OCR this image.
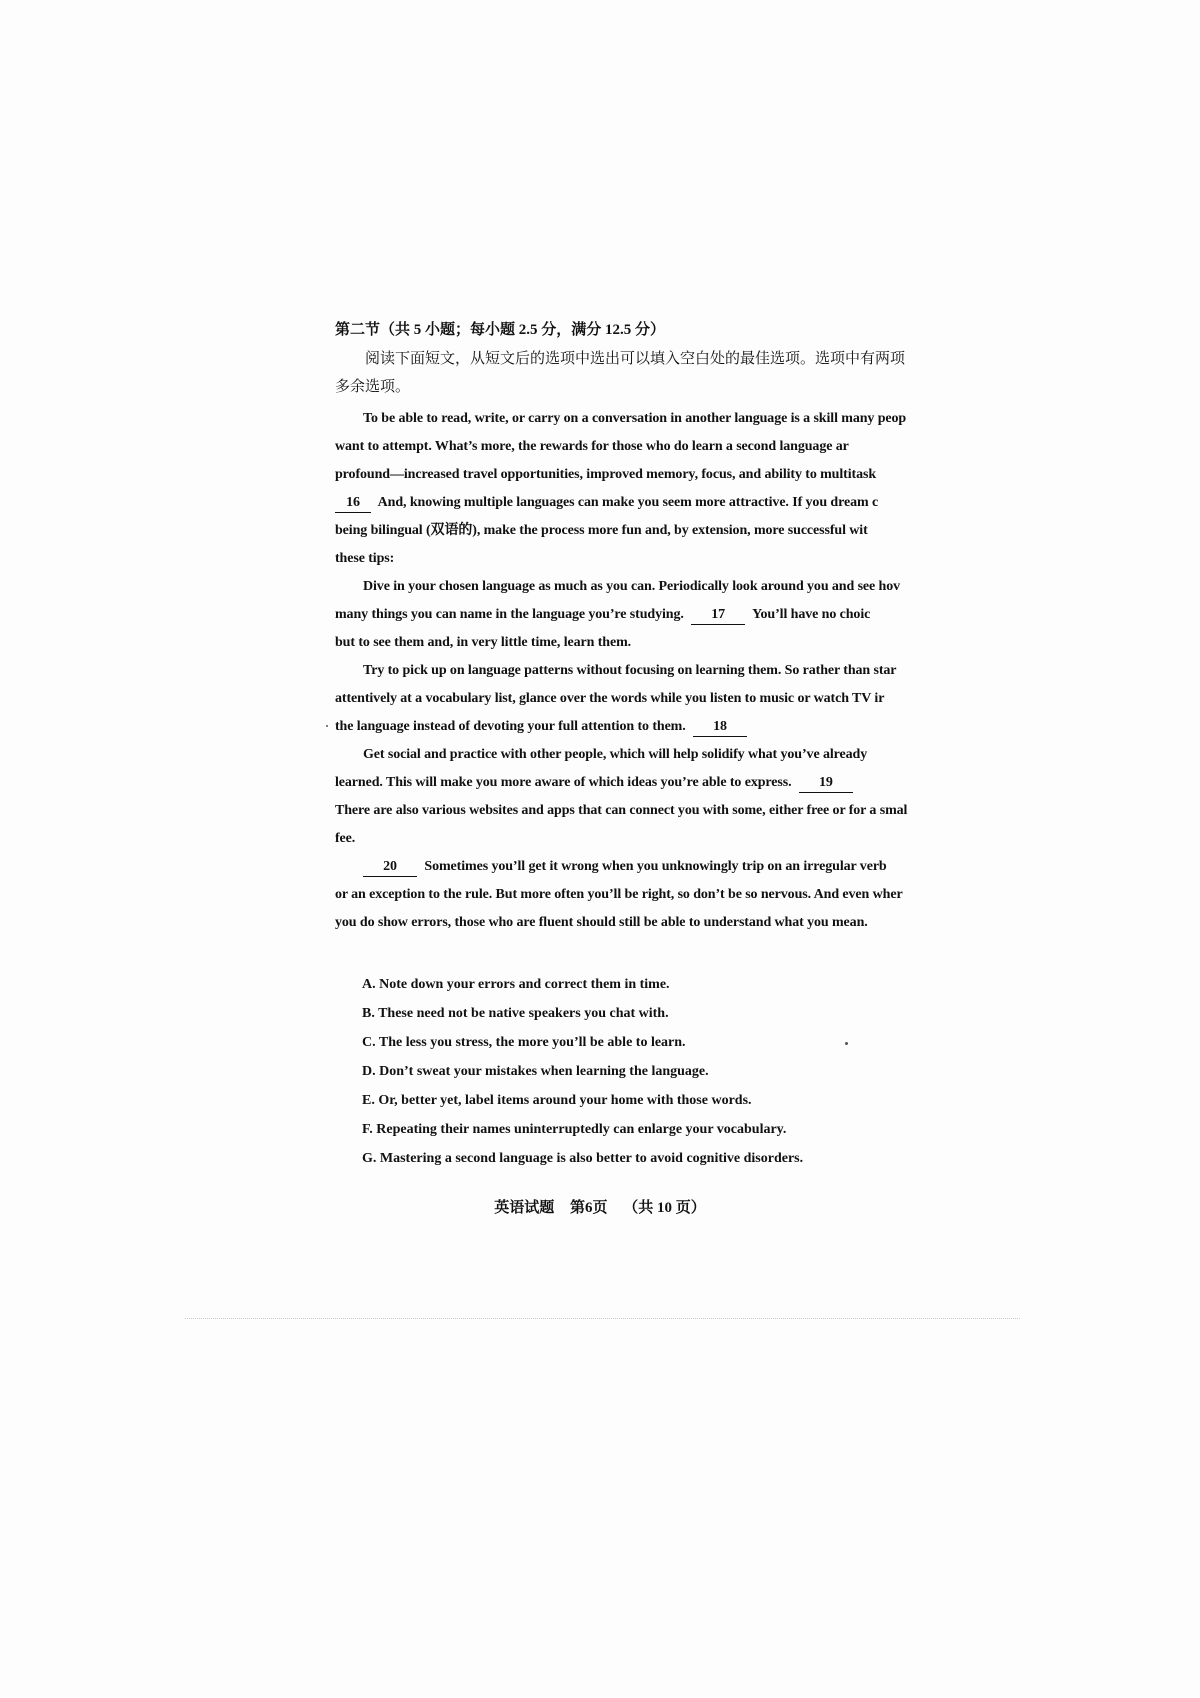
第二节（共 5 小题；每小题 2.5 分，满分 12.5 分）
阅读下面短文，从短文后的选项中选出可以填入空白处的最佳选项。选项中有两项
多余选项。
To be able to read, write, or carry on a conversation in another language is a skill many peop
want to attempt. What’s more, the rewards for those who do learn a second language ar
profound—increased travel opportunities, improved memory, focus, and ability to multitask
16 And, knowing multiple languages can make you seem more attractive. If you dream c
being bilingual (双语的), make the process more fun and, by extension, more successful wit
these tips:
Dive in your chosen language as much as you can. Periodically look around you and see hov
many things you can name in the language you’re studying. 17 You’ll have no choic
but to see them and, in very little time, learn them.
Try to pick up on language patterns without focusing on learning them. So rather than star
attentively at a vocabulary list, glance over the words while you listen to music or watch TV ir
the language instead of devoting your full attention to them. 18
Get social and practice with other people, which will help solidify what you’ve already
learned. This will make you more aware of which ideas you’re able to express. 19
There are also various websites and apps that can connect you with some, either free or for a smal
fee.
20 Sometimes you’ll get it wrong when you unknowingly trip on an irregular verb
or an exception to the rule. But more often you’ll be right, so don’t be so nervous. And even wher
you do show errors, those who are fluent should still be able to understand what you mean.
A. Note down your errors and correct them in time.
B. These need not be native speakers you chat with.
C. The less you stress, the more you’ll be able to learn.
D. Don’t sweat your mistakes when learning the language.
E. Or, better yet, label items around your home with those words.
F. Repeating their names uninterruptedly can enlarge your vocabulary.
G. Mastering a second language is also better to avoid cognitive disorders.
英语试题 第6页 （共 10 页）
